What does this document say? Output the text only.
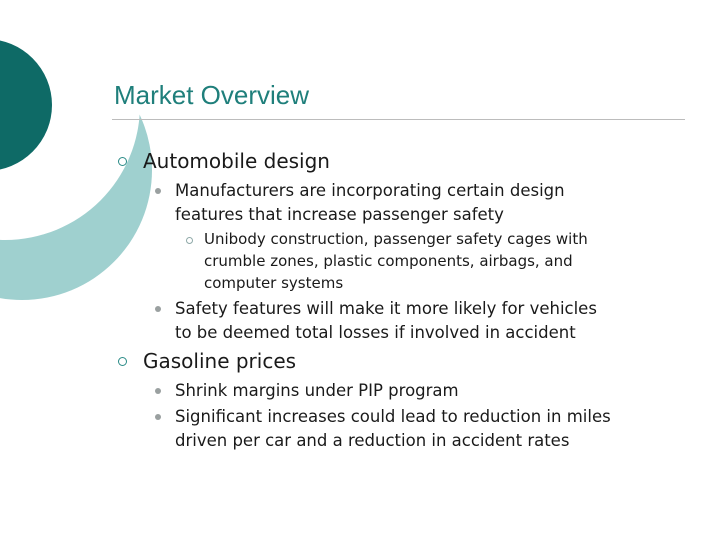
Market Overview
Automobile design
Manufacturers are incorporating certain design
features that increase passenger safety
Unibody construction, passenger safety cages with
crumble zones, plastic components, airbags, and
computer systems
Safety features will make it more likely for vehicles
to be deemed total losses if involved in accident
Gasoline prices
Shrink margins under PIP program
Significant increases could lead to reduction in miles
driven per car and a reduction in accident rates
